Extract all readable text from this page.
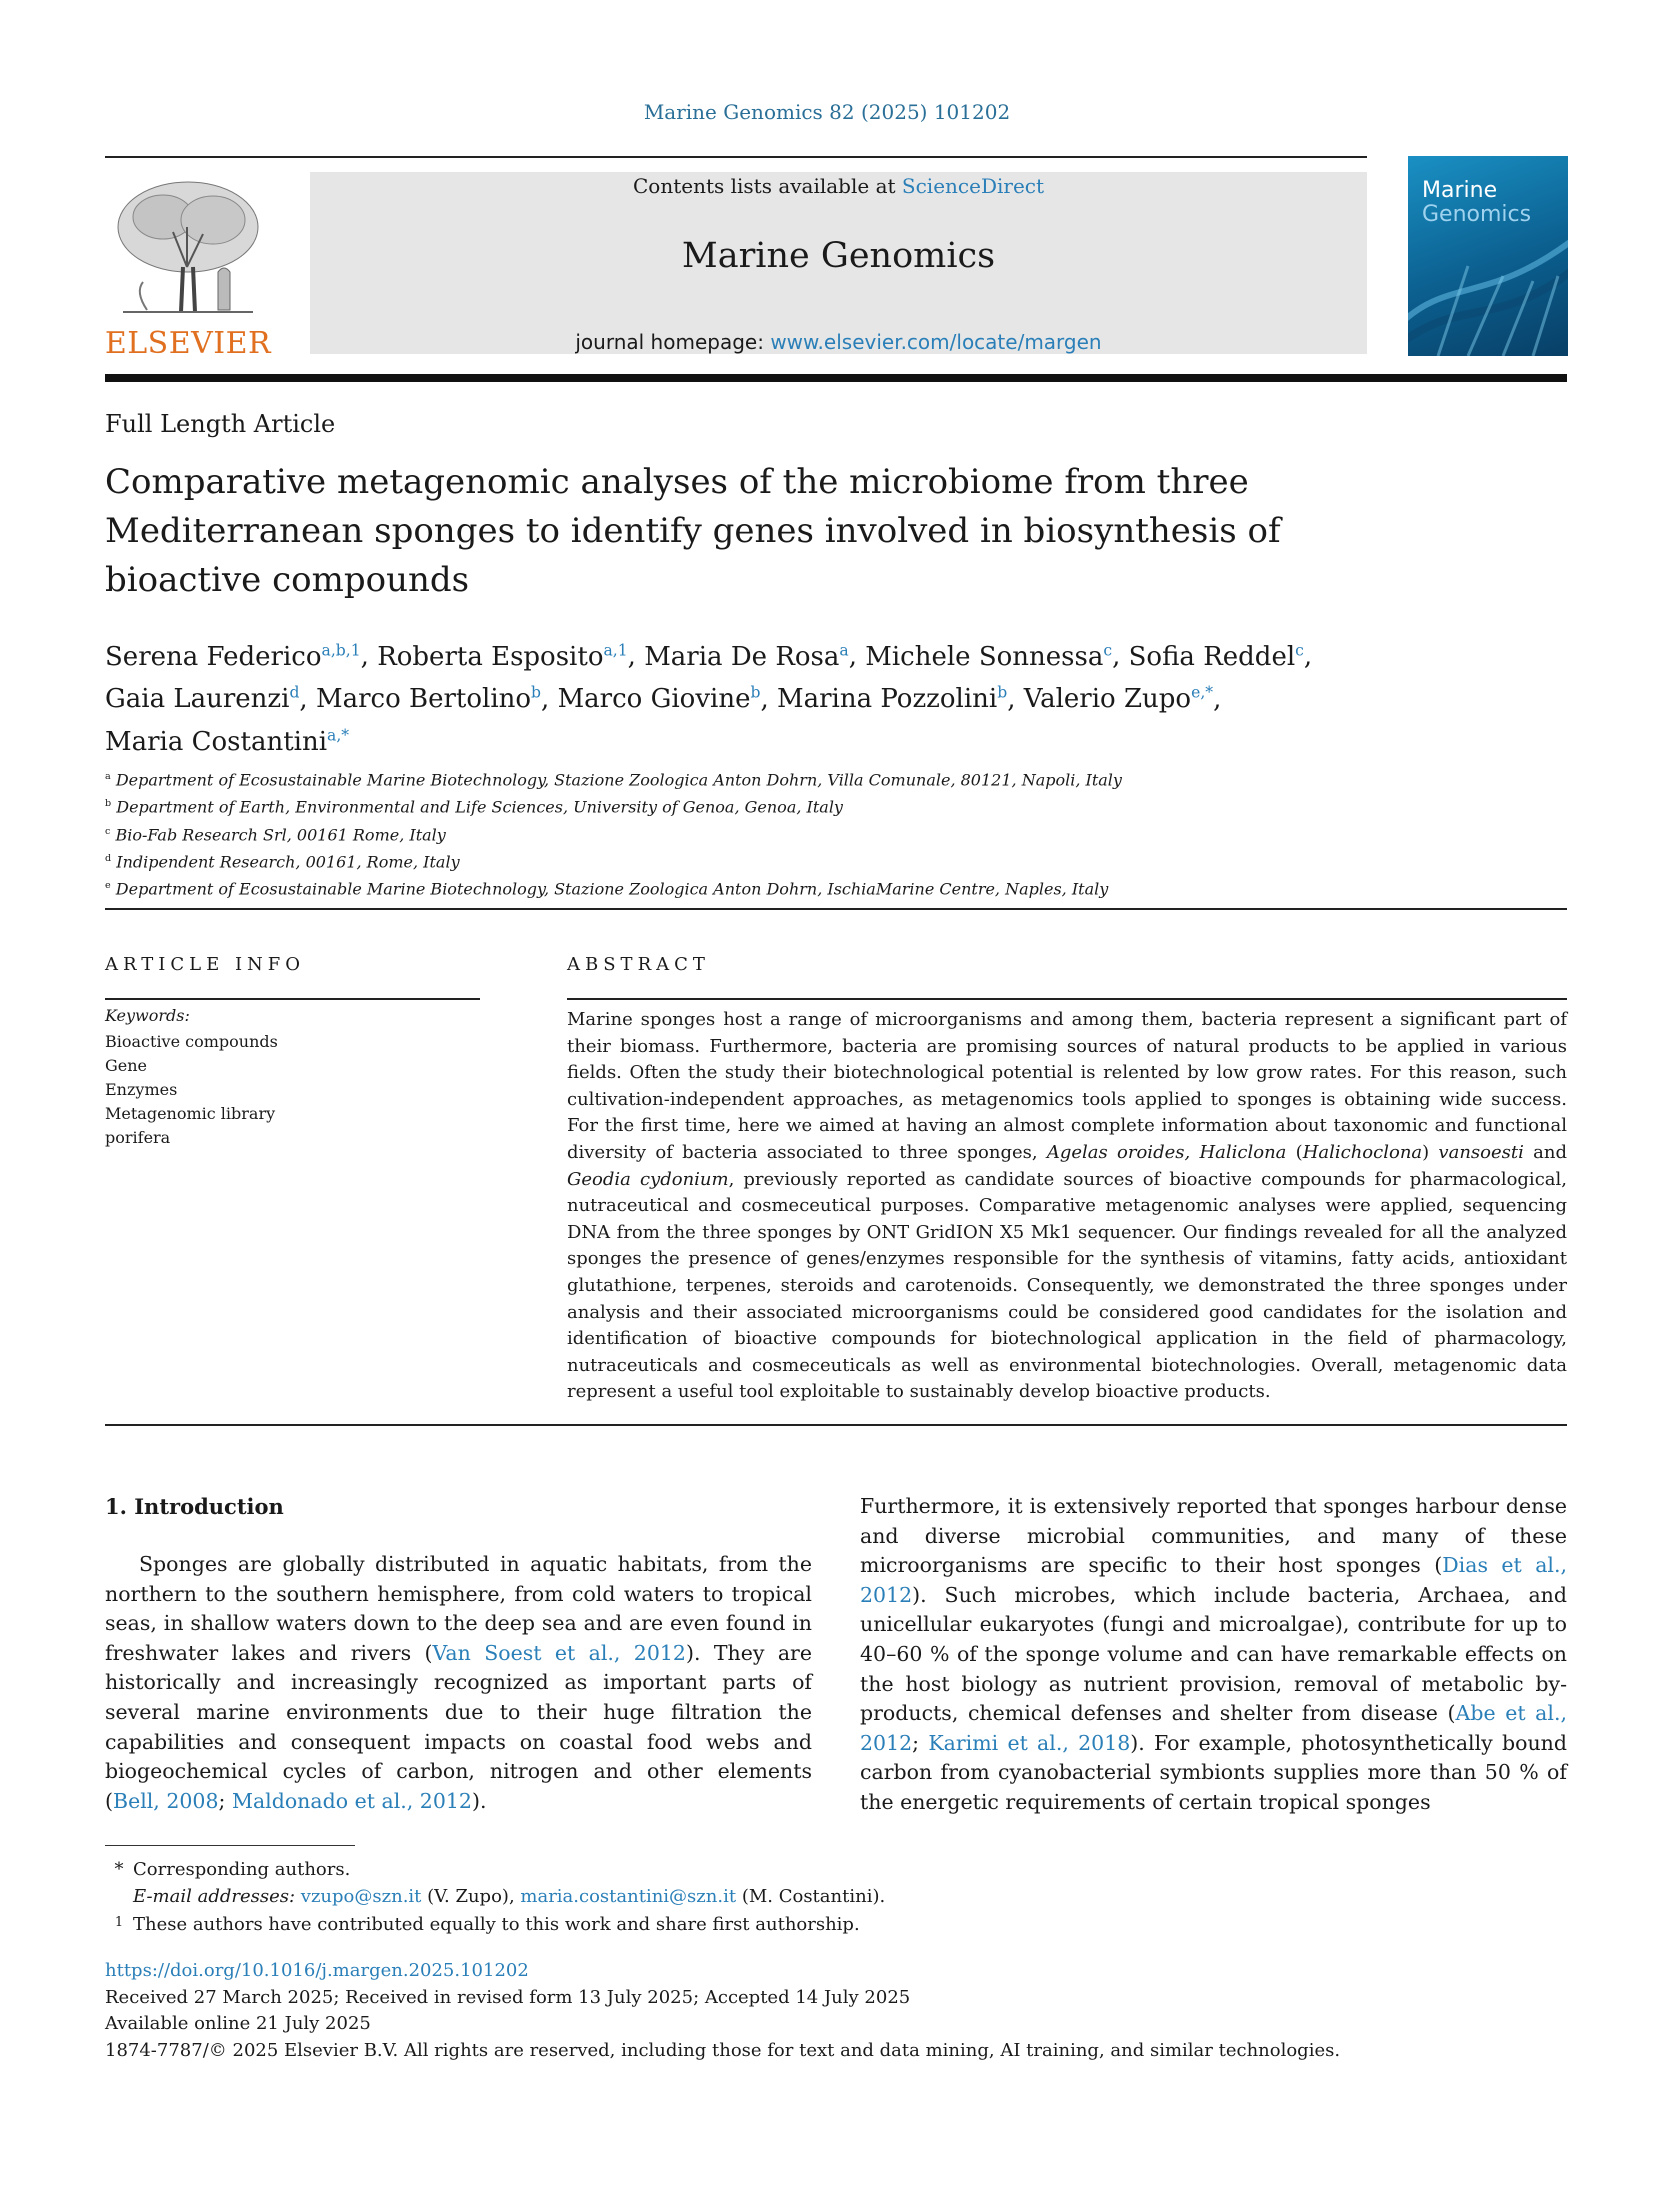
Marine Genomics 82 (2025) 101202
ELSEVIER
Contents lists available at ScienceDirect
Marine Genomics
journal homepage: www.elsevier.com/locate/margen
Marine
Genomics
Full Length Article
Comparative metagenomic analyses of the microbiome from three Mediterranean sponges to identify genes involved in biosynthesis of bioactive compounds
Serena Federico$^{a,b,1}$, Roberta Esposito$^{a,1}$, Maria De Rosa$^a$, Michele Sonnessa$^c$, Sofia Reddel$^c$,
Gaia Laurenzi$^d$, Marco Bertolino$^b$, Marco Giovine$^b$, Marina Pozzolini$^b$, Valerio Zupo$^{e,*}$,
Maria Costantini$^{a,*}$
$^a$ Department of Ecosustainable Marine Biotechnology, Stazione Zoologica Anton Dohrn, Villa Comunale, 80121, Napoli, Italy
$^b$ Department of Earth, Environmental and Life Sciences, University of Genoa, Genoa, Italy
$^c$ Bio-Fab Research Srl, 00161 Rome, Italy
$^d$ Indipendent Research, 00161, Rome, Italy
$^e$ Department of Ecosustainable Marine Biotechnology, Stazione Zoologica Anton Dohrn, IschiaMarine Centre, Naples, Italy
ARTICLE INFO
Keywords:
Bioactive compounds
Gene
Enzymes
Metagenomic library
porifera
ABSTRACT
Marine sponges host a range of microorganisms and among them, bacteria represent a significant part of their biomass. Furthermore, bacteria are promising sources of natural products to be applied in various fields. Often the study their biotechnological potential is relented by low grow rates. For this reason, such cultivation-independent approaches, as metagenomics tools applied to sponges is obtaining wide success. For the first time, here we aimed at having an almost complete information about taxonomic and functional diversity of bacteria associated to three sponges, Agelas oroides, Haliclona (Halichoclona) vansoesti and Geodia cydonium, previously reported as candidate sources of bioactive compounds for pharmacological, nutraceutical and cosmeceutical purposes. Comparative metagenomic analyses were applied, sequencing DNA from the three sponges by ONT GridION X5 Mk1 sequencer. Our findings revealed for all the analyzed sponges the presence of genes/enzymes responsible for the synthesis of vitamins, fatty acids, antioxidant glutathione, terpenes, steroids and carotenoids. Consequently, we demonstrated the three sponges under analysis and their associated microorganisms could be considered good candidates for the isolation and identification of bioactive compounds for biotechnological application in the field of pharmacology, nutraceuticals and cosmeceuticals as well as environmental biotechnologies. Overall, metagenomic data represent a useful tool exploitable to sustainably develop bioactive products.
1. Introduction
Sponges are globally distributed in aquatic habitats, from the northern to the southern hemisphere, from cold waters to tropical seas, in shallow waters down to the deep sea and are even found in freshwater lakes and rivers (Van Soest et al., 2012). They are historically and increasingly recognized as important parts of several marine environments due to their huge filtration the capabilities and consequent impacts on coastal food webs and biogeochemical cycles of carbon, nitrogen and other elements (Bell, 2008; Maldonado et al., 2012).
Furthermore, it is extensively reported that sponges harbour dense and diverse microbial communities, and many of these microorganisms are specific to their host sponges (Dias et al., 2012). Such microbes, which include bacteria, Archaea, and unicellular eukaryotes (fungi and microalgae), contribute for up to 40–60 % of the sponge volume and can have remarkable effects on the host biology as nutrient provision, removal of metabolic by-products, chemical defenses and shelter from disease (Abe et al., 2012; Karimi et al., 2018). For example, photosynthetically bound carbon from cyanobacterial symbionts supplies more than 50 % of the energetic requirements of certain tropical sponges
* Corresponding authors.
E-mail addresses: vzupo@szn.it (V. Zupo), maria.costantini@szn.it (M. Costantini).
1 These authors have contributed equally to this work and share first authorship.
https://doi.org/10.1016/j.margen.2025.101202
Received 27 March 2025; Received in revised form 13 July 2025; Accepted 14 July 2025
Available online 21 July 2025
1874-7787/© 2025 Elsevier B.V. All rights are reserved, including those for text and data mining, AI training, and similar technologies.
